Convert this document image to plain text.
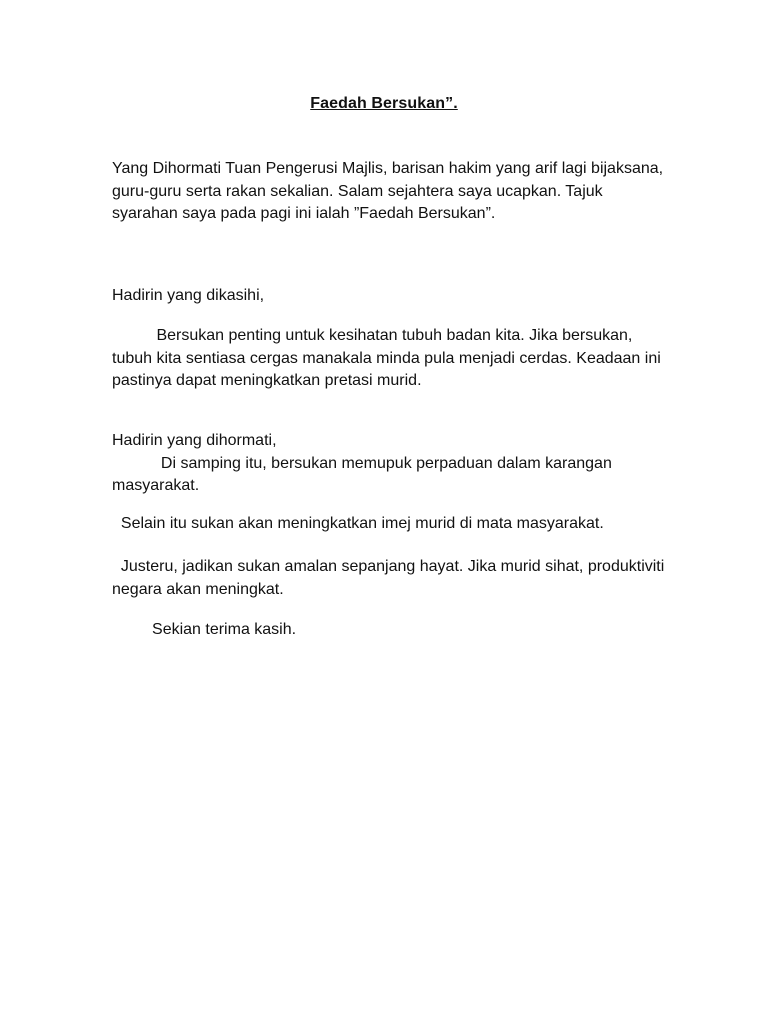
Faedah Bersukan”.

Yang Dihormati Tuan Pengerusi Majlis, barisan hakim yang arif lagi bijaksana, guru-guru serta rakan sekalian. Salam sejahtera saya ucapkan. Tajuk syarahan saya pada pagi ini ialah ”Faedah Bersukan”.

Hadirin yang dikasihi,

Bersukan penting untuk kesihatan tubuh badan kita. Jika bersukan, tubuh kita sentiasa cergas manakala minda pula menjadi cerdas. Keadaan ini pastinya dapat meningkatkan pretasi murid.

Hadirin yang dihormati,
Di samping itu, bersukan memupuk perpaduan dalam karangan masyarakat.

Selain itu sukan akan meningkatkan imej murid di mata masyarakat.

Justeru, jadikan sukan amalan sepanjang hayat. Jika murid sihat, produktiviti negara akan meningkat.

Sekian terima kasih.
